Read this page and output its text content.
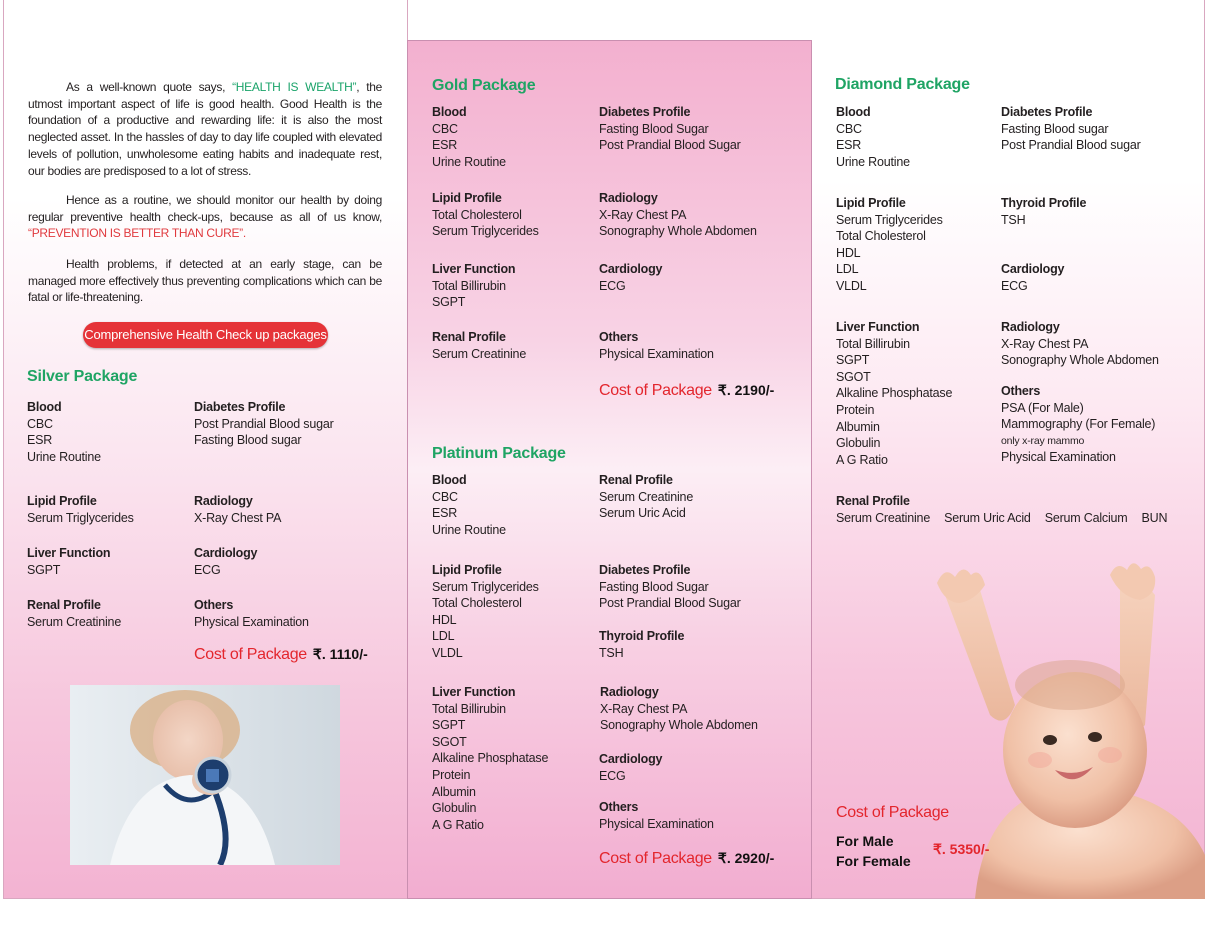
As a well-known quote says, “HEALTH IS WEALTH”, the utmost important aspect of life is good health. Good Health is the foundation of a productive and rewarding life: it is also the most neglected asset. In the hassles of day to day life coupled with elevated levels of pollution, unwholesome eating habits and inadequate rest, our bodies are predisposed to a lot of stress.

Hence as a routine, we should monitor our health by doing regular preventive health check-ups, because as all of us know, “PREVENTION IS BETTER THAN CURE”.

Health problems, if detected at an early stage, can be managed more effectively thus preventing complications which can be fatal or life-threatening.

Comprehensive Health Check up packages
Silver Package
Blood
CBC
ESR
Urine Routine
Diabetes Profile
Post Prandial Blood sugar
Fasting Blood sugar
Lipid Profile
Serum Triglycerides
Radiology
X-Ray Chest PA
Liver Function
SGPT
Cardiology
ECG
Renal Profile
Serum Creatinine
Others
Physical Examination
Cost of Package ₹. 1110/-
Gold Package
Blood
CBC
ESR
Urine Routine
Diabetes Profile
Fasting Blood Sugar
Post Prandial Blood Sugar
Lipid Profile
Total Cholesterol
Serum Triglycerides
Radiology
X-Ray Chest PA
Sonography Whole Abdomen
Liver Function
Total Billirubin
SGPT
Cardiology
ECG
Renal Profile
Serum Creatinine
Others
Physical Examination
Cost of Package ₹. 2190/-
Platinum Package
Blood
CBC
ESR
Urine Routine
Renal Profile
Serum Creatinine
Serum Uric Acid
Lipid Profile
Serum Triglycerides
Total Cholesterol
HDL
LDL
VLDL
Diabetes Profile
Fasting Blood Sugar
Post Prandial Blood Sugar
Thyroid Profile
TSH
Liver Function
Total Billirubin
SGPT
SGOT
Alkaline Phosphatase
Protein
Albumin
Globulin
A G Ratio
Radiology
X-Ray Chest PA
Sonography Whole Abdomen
Cardiology
ECG
Others
Physical Examination
Cost of Package ₹. 2920/-
Diamond Package
Blood
CBC
ESR
Urine Routine
Diabetes Profile
Fasting Blood sugar
Post Prandial Blood sugar
Lipid Profile
Serum Triglycerides
Total Cholesterol
HDL
LDL
VLDL
Thyroid Profile
TSH
Cardiology
ECG
Liver Function
Total Billirubin
SGPT
SGOT
Alkaline Phosphatase
Protein
Albumin
Globulin
A G Ratio
Radiology
X-Ray Chest PA
Sonography Whole Abdomen
Others
PSA (For Male)
Mammography (For Female)
only x-ray mammo
Physical Examination
Renal Profile
Serum Creatinine Serum Uric Acid Serum Calcium BUN
Cost of Package
For Male
For Female
₹. 5350/-
